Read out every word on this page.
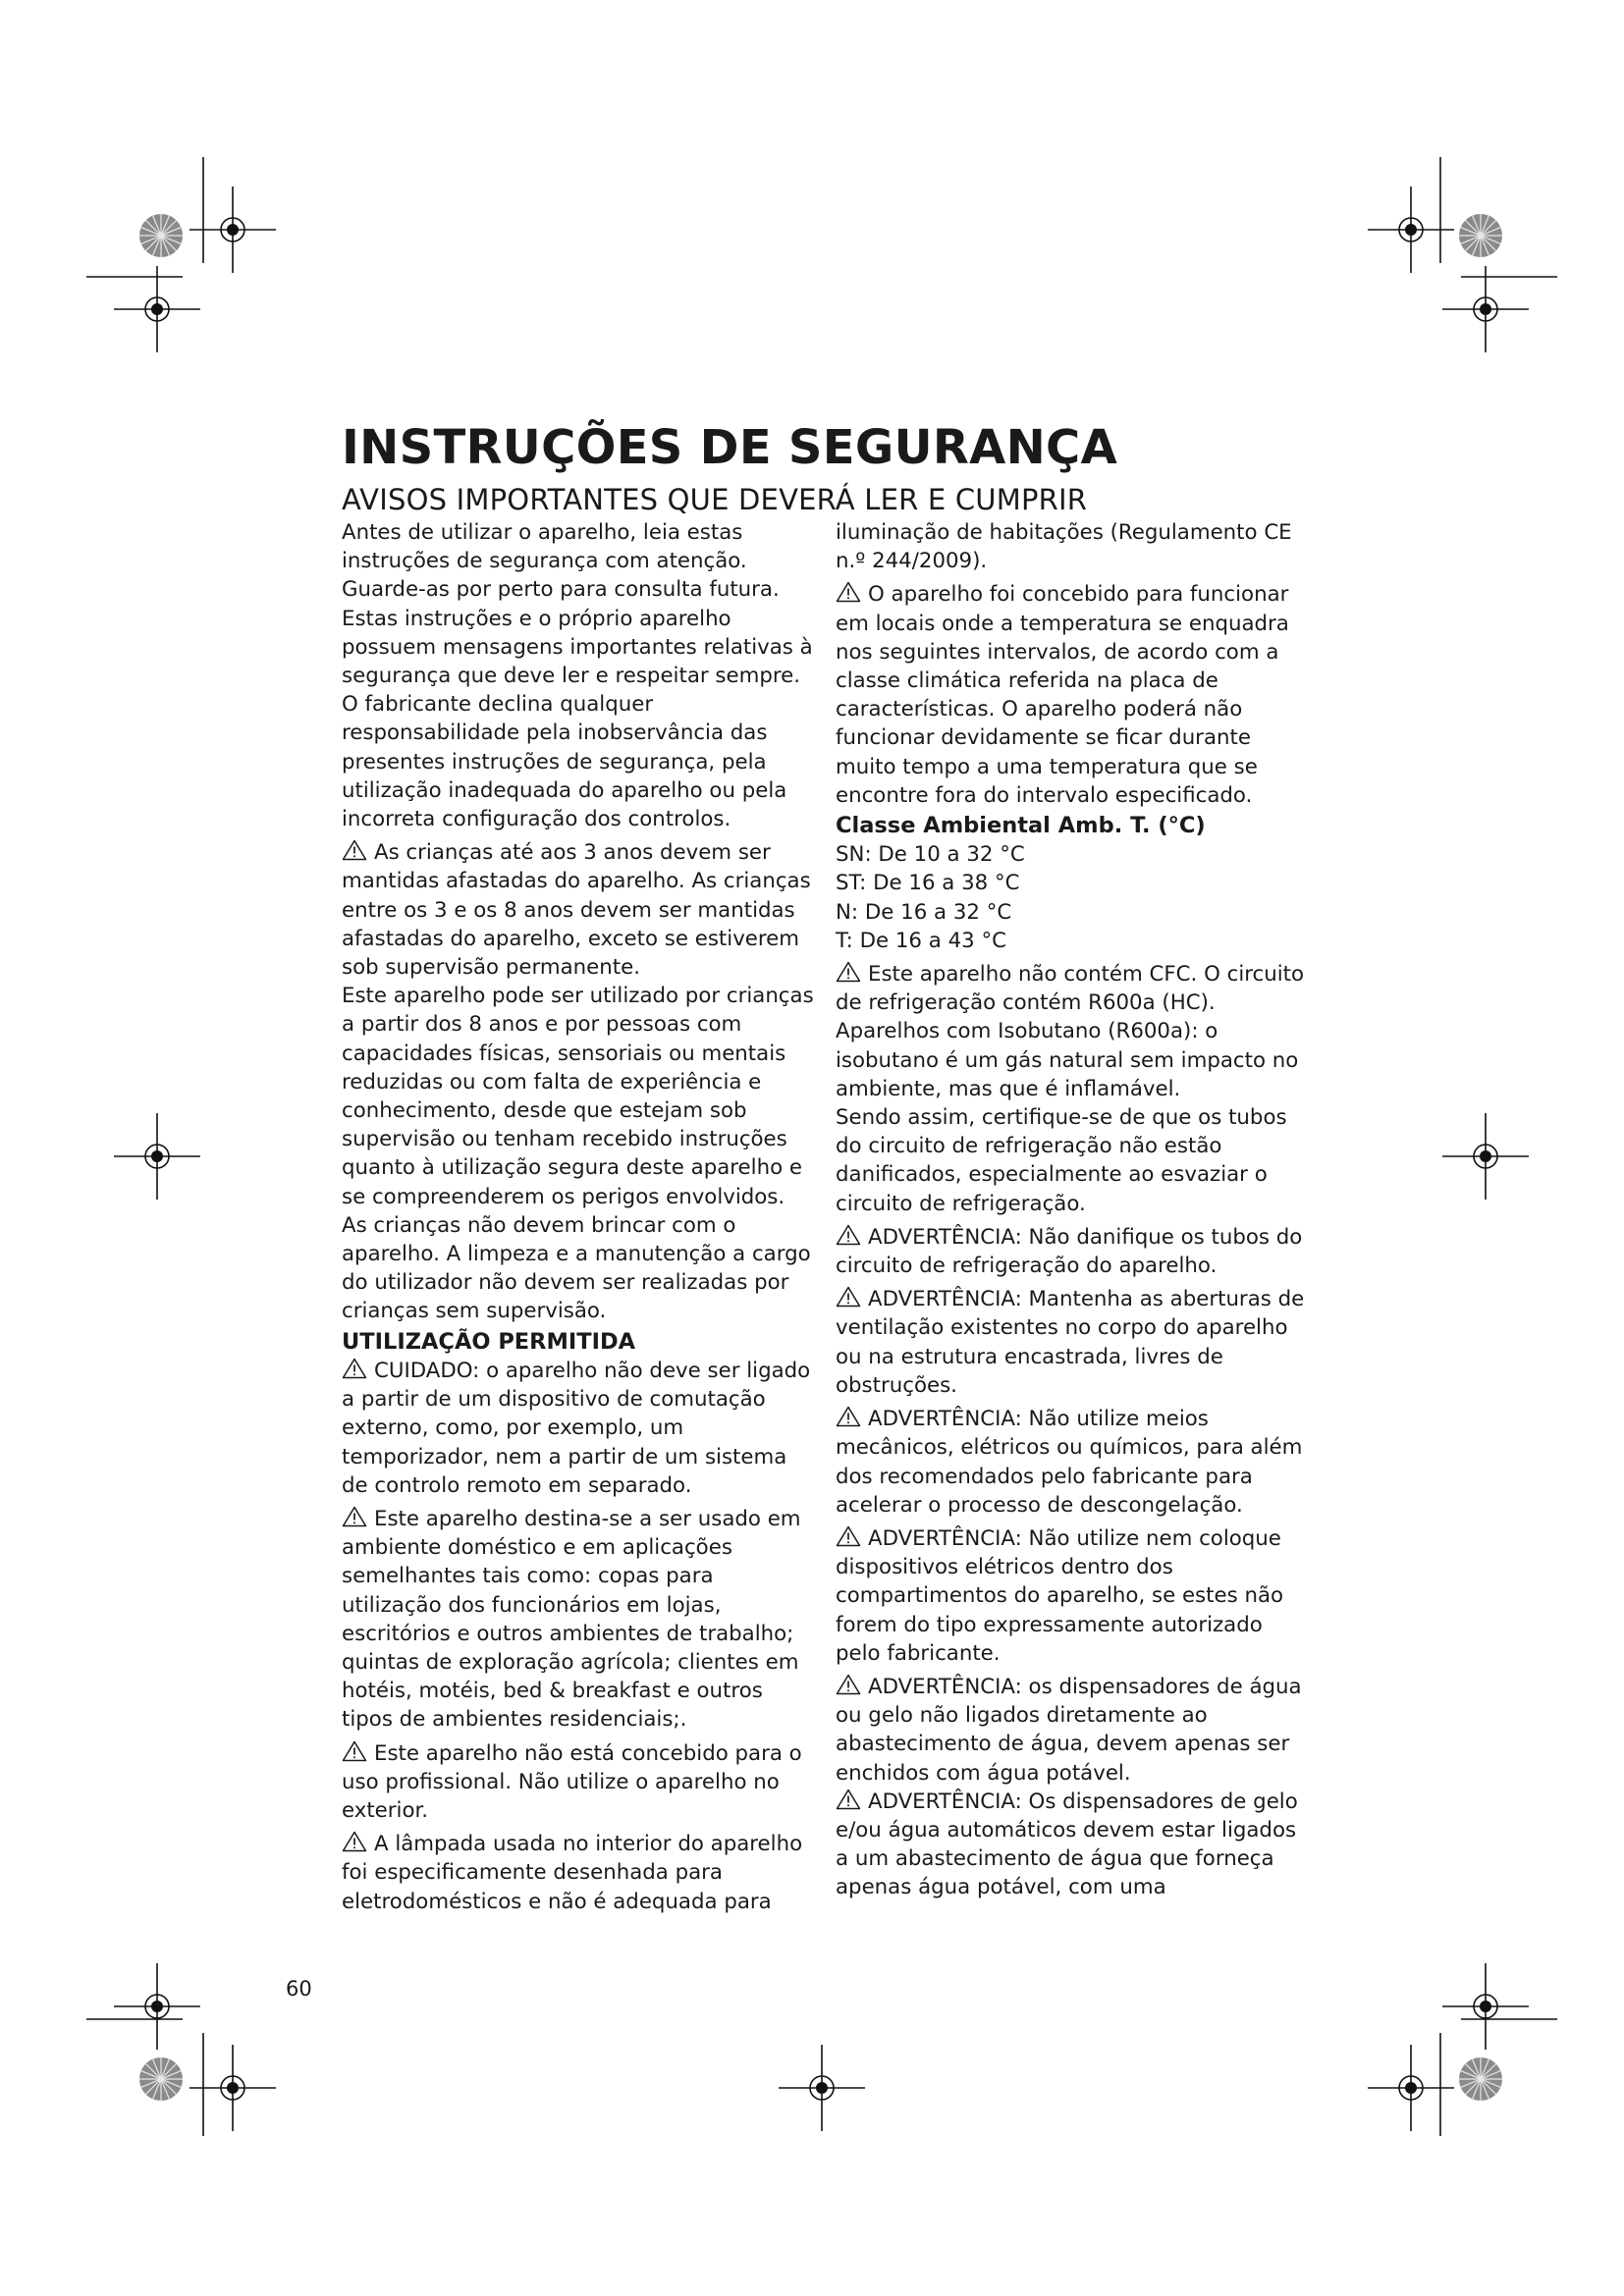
INSTRUÇÕES DE SEGURANÇA
AVISOS IMPORTANTES QUE DEVERÁ LER E CUMPRIR

Antes de utilizar o aparelho, leia estas instruções de segurança com atenção. Guarde-as por perto para consulta futura. Estas instruções e o próprio aparelho possuem mensagens importantes relativas à segurança que deve ler e respeitar sempre. O fabricante declina qualquer responsabilidade pela inobservância das presentes instruções de segurança, pela utilização inadequada do aparelho ou pela incorreta configuração dos controlos.

As crianças até aos 3 anos devem ser mantidas afastadas do aparelho. As crianças entre os 3 e os 8 anos devem ser mantidas afastadas do aparelho, exceto se estiverem sob supervisão permanente.

Este aparelho pode ser utilizado por crianças a partir dos 8 anos e por pessoas com capacidades físicas, sensoriais ou mentais reduzidas ou com falta de experiência e conhecimento, desde que estejam sob supervisão ou tenham recebido instruções quanto à utilização segura deste aparelho e se compreenderem os perigos envolvidos. As crianças não devem brincar com o aparelho. A limpeza e a manutenção a cargo do utilizador não devem ser realizadas por crianças sem supervisão.

UTILIZAÇÃO PERMITIDA

CUIDADO: o aparelho não deve ser ligado a partir de um dispositivo de comutação externo, como, por exemplo, um temporizador, nem a partir de um sistema de controlo remoto em separado.

Este aparelho destina-se a ser usado em ambiente doméstico e em aplicações semelhantes tais como: copas para utilização dos funcionários em lojas, escritórios e outros ambientes de trabalho; quintas de exploração agrícola; clientes em hotéis, motéis, bed & breakfast e outros tipos de ambientes residenciais;.

Este aparelho não está concebido para o uso profissional. Não utilize o aparelho no exterior.

A lâmpada usada no interior do aparelho foi especificamente desenhada para eletrodomésticos e não é adequada para

iluminação de habitações (Regulamento CE n.º 244/2009).

O aparelho foi concebido para funcionar em locais onde a temperatura se enquadra nos seguintes intervalos, de acordo com a classe climática referida na placa de características. O aparelho poderá não funcionar devidamente se ficar durante muito tempo a uma temperatura que se encontre fora do intervalo especificado.

Classe Ambiental Amb. T. (°C)

SN: De 10 a 32 °C

ST: De 16 a 38 °C

N: De 16 a 32 °C

T: De 16 a 43 °C

Este aparelho não contém CFC. O circuito de refrigeração contém R600a (HC). Aparelhos com Isobutano (R600a): o isobutano é um gás natural sem impacto no ambiente, mas que é inflamável.

Sendo assim, certifique-se de que os tubos do circuito de refrigeração não estão danificados, especialmente ao esvaziar o circuito de refrigeração.

ADVERTÊNCIA: Não danifique os tubos do circuito de refrigeração do aparelho.

ADVERTÊNCIA: Mantenha as aberturas de ventilação existentes no corpo do aparelho ou na estrutura encastrada, livres de obstruções.

ADVERTÊNCIA: Não utilize meios mecânicos, elétricos ou químicos, para além dos recomendados pelo fabricante para acelerar o processo de descongelação.

ADVERTÊNCIA: Não utilize nem coloque dispositivos elétricos dentro dos compartimentos do aparelho, se estes não forem do tipo expressamente autorizado pelo fabricante.

ADVERTÊNCIA: os dispensadores de água ou gelo não ligados diretamente ao abastecimento de água, devem apenas ser enchidos com água potável.

ADVERTÊNCIA: Os dispensadores de gelo e/ou água automáticos devem estar ligados a um abastecimento de água que forneça apenas água potável, com uma

60
